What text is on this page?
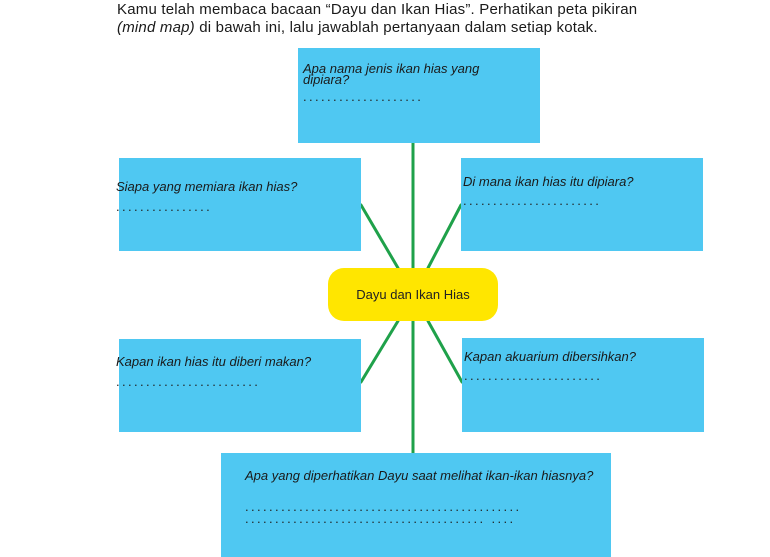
Kamu telah membaca bacaan “Dayu dan Ikan Hias”. Perhatikan peta pikiran
(mind map) di bawah ini, lalu jawablah pertanyaan dalam setiap kotak.

Apa nama jenis ikan hias yang dipiara?

....................

Siapa yang memiara ikan hias?

................

Di mana ikan hias itu dipiara?

.......................
Dayu dan Ikan Hias

Kapan ikan hias itu diberi makan?

........................

Kapan akuarium dibersihkan?

.......................

Apa yang diperhatikan Dayu saat melihat ikan-ikan hiasnya?

..............................................
........................................ ....
